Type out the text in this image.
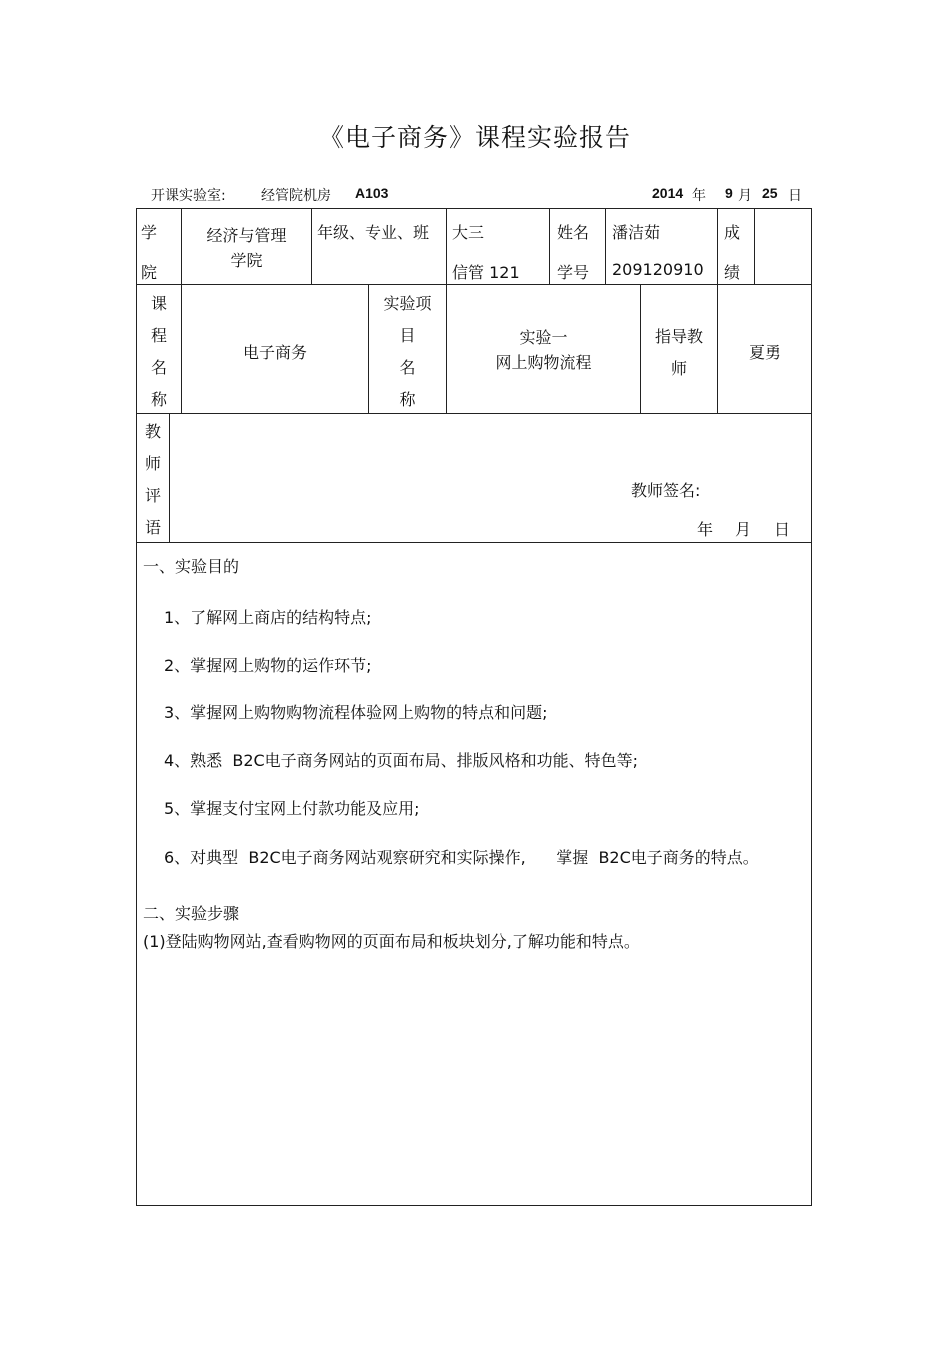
《电子商务》课程实验报告
开课实验室:	经管院机房 A103	2014 年 9 月 25 日
学
院
经济与管理
学院
年级、专业、班 大三
信管 121
姓名
学号
潘洁茹
209120910
成
绩
课
程
名
称
电子商务
实验项
目
名
称
实验一
网上购物流程
指导教
师
夏勇
教
师
评
语
教师签名:
年 月 日
一、实验目的
1、了解网上商店的结构特点;
2、掌握网上购物的运作环节;
3、掌握网上购物购物流程体验网上购物的特点和问题;
4、熟悉  B2C电子商务网站的页面布局、排版风格和功能、特色等;
5、掌握支付宝网上付款功能及应用;
6、对典型  B2C电子商务网站观察研究和实际操作,      掌握  B2C电子商务的特点。
二、实验步骤
(1)登陆购物网站,查看购物网的页面布局和板块划分,了解功能和特点。
